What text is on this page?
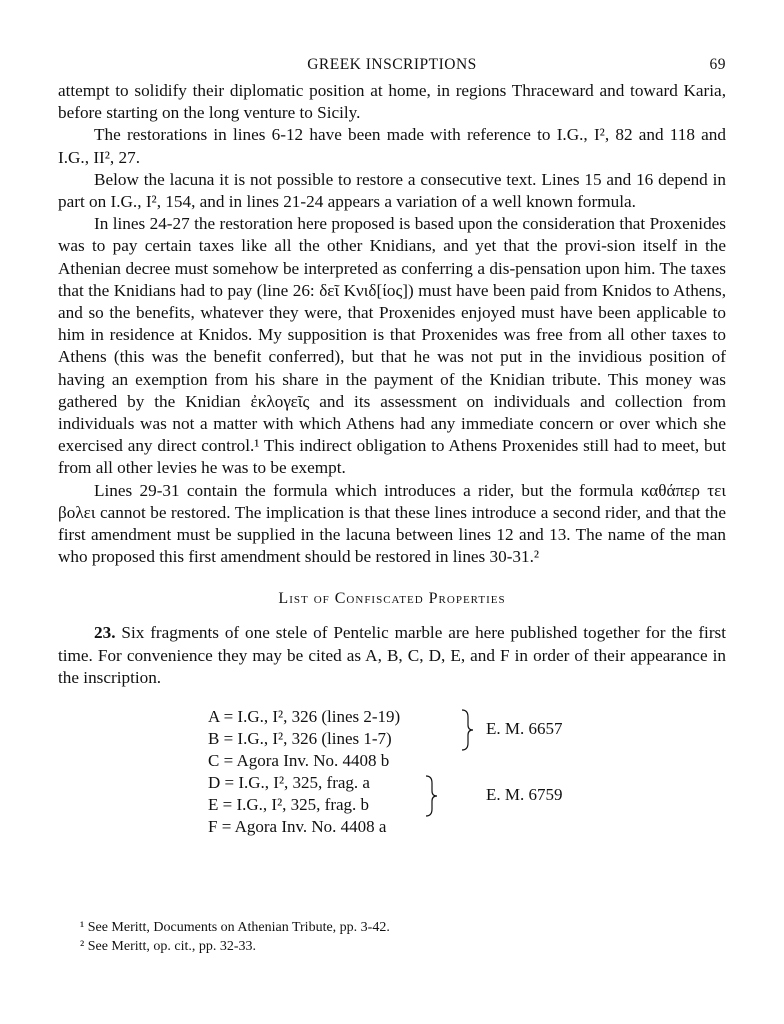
GREEK INSCRIPTIONS	69

attempt to solidify their diplomatic position at home, in regions Thraceward and toward Karia, before starting on the long venture to Sicily.

The restorations in lines 6-12 have been made with reference to I.G., I², 82 and 118 and I.G., II², 27.

Below the lacuna it is not possible to restore a consecutive text. Lines 15 and 16 depend in part on I.G., I², 154, and in lines 21-24 appears a variation of a well known formula.

In lines 24-27 the restoration here proposed is based upon the consideration that Proxenides was to pay certain taxes like all the other Knidians, and yet that the provi-sion itself in the Athenian decree must somehow be interpreted as conferring a dis-pensation upon him. The taxes that the Knidians had to pay (line 26: δεῖ Κνιδ[ίος]) must have been paid from Knidos to Athens, and so the benefits, whatever they were, that Proxenides enjoyed must have been applicable to him in residence at Knidos. My supposition is that Proxenides was free from all other taxes to Athens (this was the benefit conferred), but that he was not put in the invidious position of having an exemption from his share in the payment of the Knidian tribute. This money was gathered by the Knidian ἐκλογεῖς and its assessment on individuals and collection from individuals was not a matter with which Athens had any immediate concern or over which she exercised any direct control.¹ This indirect obligation to Athens Proxenides still had to meet, but from all other levies he was to be exempt.

Lines 29-31 contain the formula which introduces a rider, but the formula καθάπερ τει βολει cannot be restored. The implication is that these lines introduce a second rider, and that the first amendment must be supplied in the lacuna between lines 12 and 13. The name of the man who proposed this first amendment should be restored in lines 30-31.²

List of Confiscated Properties

23. Six fragments of one stele of Pentelic marble are here published together for the first time. For convenience they may be cited as A, B, C, D, E, and F in order of their appearance in the inscription.

A = I.G., I², 326 (lines 2-19)
B = I.G., I², 326 (lines 1-7)
C = Agora Inv. No. 4408 b
D = I.G., I², 325, frag. a
E = I.G., I², 325, frag. b
F = Agora Inv. No. 4408 a
E. M. 6657
E. M. 6759
¹ See Meritt, Documents on Athenian Tribute, pp. 3-42.
² See Meritt, op. cit., pp. 32-33.
